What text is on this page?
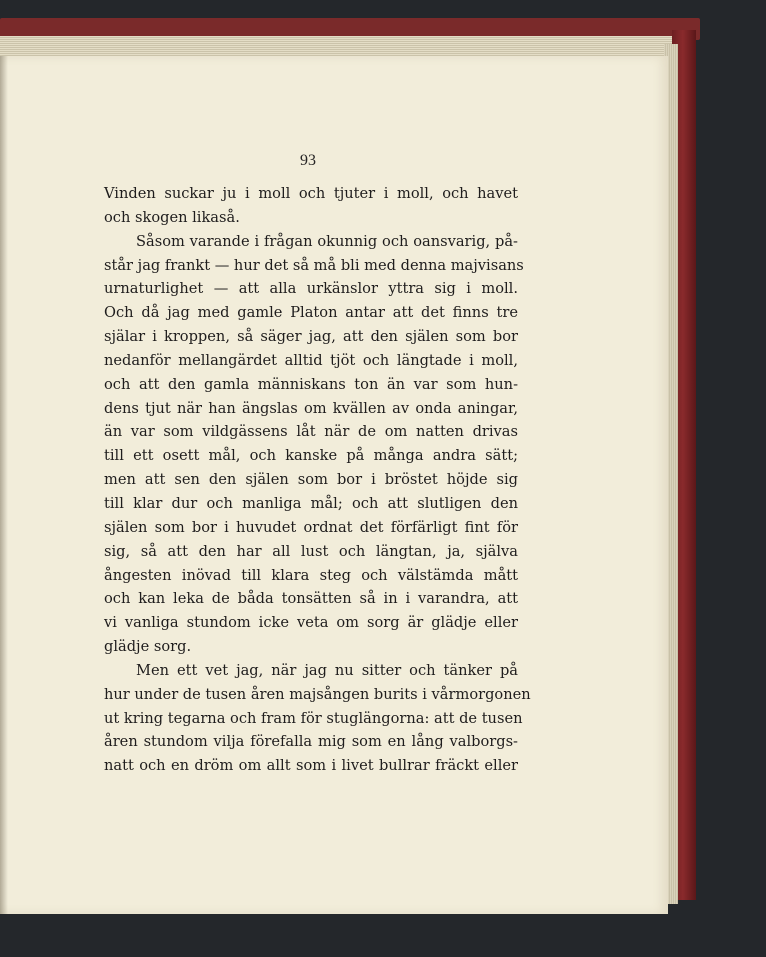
93
Vinden suckar ju i moll och tjuter i moll, och havet
och skogen likaså.
Såsom varande i frågan okunnig och oansvarig, på-
står jag frankt — hur det så må bli med denna majvisans
urnaturlighet — att alla urkänslor yttra sig i moll.
Och då jag med gamle Platon antar att det finns tre
själar i kroppen, så säger jag, att den själen som bor
nedanför mellangärdet alltid tjöt och längtade i moll,
och att den gamla människans ton än var som hun-
dens tjut när han ängslas om kvällen av onda aningar,
än var som vildgässens låt när de om natten drivas
till ett osett mål, och kanske på många andra sätt;
men att sen den själen som bor i bröstet höjde sig
till klar dur och manliga mål; och att slutligen den
själen som bor i huvudet ordnat det förfärligt fint för
sig, så att den har all lust och längtan, ja, själva
ångesten inövad till klara steg och välstämda mått
och kan leka de båda tonsätten så in i varandra, att
vi vanliga stundom icke veta om sorg är glädje eller
glädje sorg.
Men ett vet jag, när jag nu sitter och tänker på
hur under de tusen åren majsången burits i vårmorgonen
ut kring tegarna och fram för stuglängorna: att de tusen
åren stundom vilja förefalla mig som en lång valborgs-
natt och en dröm om allt som i livet bullrar fräckt eller
